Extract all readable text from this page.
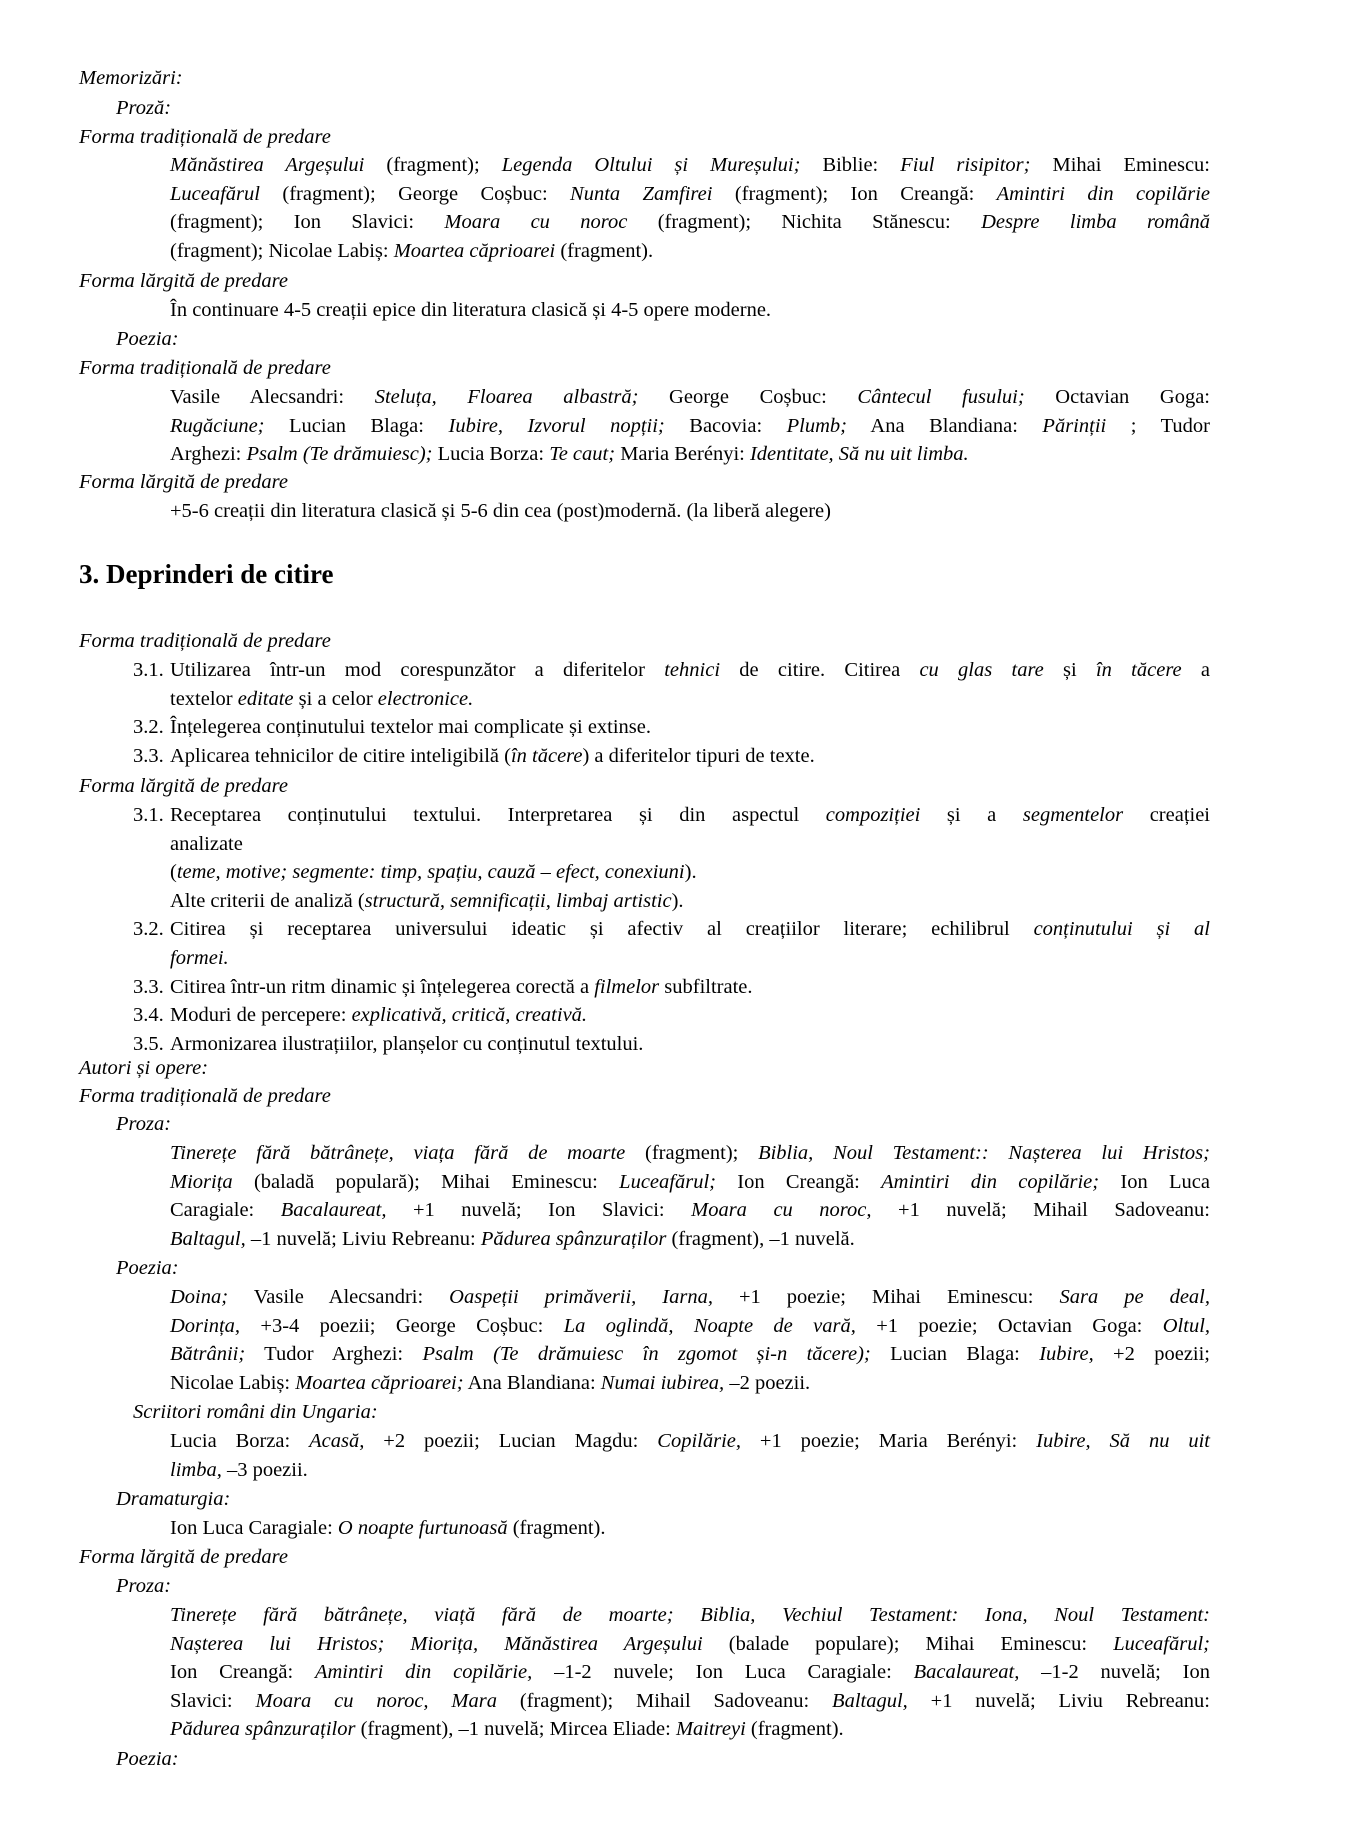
Memorizări:
Proză:
Forma tradițională de predare
Mănăstirea Argeșului (fragment); Legenda Oltului și Mureșului; Biblie: Fiul risipitor; Mihai Eminescu:
Luceafărul (fragment); George Coșbuc: Nunta Zamfirei (fragment); Ion Creangă: Amintiri din copilărie
(fragment); Ion Slavici: Moara cu noroc (fragment); Nichita Stănescu: Despre limba română
(fragment); Nicolae Labiș: Moartea căprioarei (fragment).
Forma lărgită de predare
În continuare 4-5 creații epice din literatura clasică și 4-5 opere moderne.
Poezia:
Forma tradițională de predare
Vasile Alecsandri: Steluța, Floarea albastră; George Coșbuc: Cântecul fusului; Octavian Goga:
Rugăciune; Lucian Blaga: Iubire, Izvorul nopții; Bacovia: Plumb; Ana Blandiana: Părinții ; Tudor
Arghezi: Psalm (Te drămuiesc); Lucia Borza: Te caut; Maria Berényi: Identitate, Să nu uit limba.
Forma lărgită de predare
+5-6 creații din literatura clasică și 5-6 din cea (post)modernă. (la liberă alegere)
3. Deprinderi de citire
Forma tradițională de predare
3.1. Utilizarea într-un mod corespunzător a diferitelor tehnici de citire. Citirea cu glas tare și în tăcere a
textelor editate și a celor electronice.
3.2. Înțelegerea conținutului textelor mai complicate și extinse.
3.3. Aplicarea tehnicilor de citire inteligibilă (în tăcere) a diferitelor tipuri de texte.
Forma lărgită de predare
3.1. Receptarea conținutului textului. Interpretarea și din aspectul compoziției și a segmentelor creației
analizate
(teme, motive; segmente: timp, spațiu, cauză – efect, conexiuni).
Alte criterii de analiză (structură, semnificații, limbaj artistic).
3.2. Citirea și receptarea universului ideatic și afectiv al creațiilor literare; echilibrul conținutului și al
formei.
3.3. Citirea într-un ritm dinamic și înțelegerea corectă a filmelor subfiltrate.
3.4. Moduri de percepere: explicativă, critică, creativă.
3.5. Armonizarea ilustrațiilor, planșelor cu conținutul textului.
Autori și opere:
Forma tradițională de predare
Proza:
Tinerețe fără bătrânețe, viața fără de moarte (fragment); Biblia, Noul Testament:: Nașterea lui Hristos;
Miorița (baladă populară); Mihai Eminescu: Luceafărul; Ion Creangă: Amintiri din copilărie; Ion Luca
Caragiale: Bacalaureat, +1 nuvelă; Ion Slavici: Moara cu noroc, +1 nuvelă; Mihail Sadoveanu:
Baltagul, –1 nuvelă; Liviu Rebreanu: Pădurea spânzuraților (fragment), –1 nuvelă.
Poezia:
Doina; Vasile Alecsandri: Oaspeții primăverii, Iarna, +1 poezie; Mihai Eminescu: Sara pe deal,
Dorința, +3-4 poezii; George Coșbuc: La oglindă, Noapte de vară, +1 poezie; Octavian Goga: Oltul,
Bătrânii; Tudor Arghezi: Psalm (Te drămuiesc în zgomot și-n tăcere); Lucian Blaga: Iubire, +2 poezii;
Nicolae Labiș: Moartea căprioarei; Ana Blandiana: Numai iubirea, –2 poezii.
Scriitori români din Ungaria:
Lucia Borza: Acasă, +2 poezii; Lucian Magdu: Copilărie, +1 poezie; Maria Berényi: Iubire, Să nu uit
limba, –3 poezii.
Dramaturgia:
Ion Luca Caragiale: O noapte furtunoasă (fragment).
Forma lărgită de predare
Proza:
Tinerețe fără bătrânețe, viață fără de moarte; Biblia, Vechiul Testament: Iona, Noul Testament:
Nașterea lui Hristos; Miorița, Mănăstirea Argeșului (balade populare); Mihai Eminescu: Luceafărul;
Ion Creangă: Amintiri din copilărie, –1-2 nuvele; Ion Luca Caragiale: Bacalaureat, –1-2 nuvelă; Ion
Slavici: Moara cu noroc, Mara (fragment); Mihail Sadoveanu: Baltagul, +1 nuvelă; Liviu Rebreanu:
Pădurea spânzuraților (fragment), –1 nuvelă; Mircea Eliade: Maitreyi (fragment).
Poezia:
